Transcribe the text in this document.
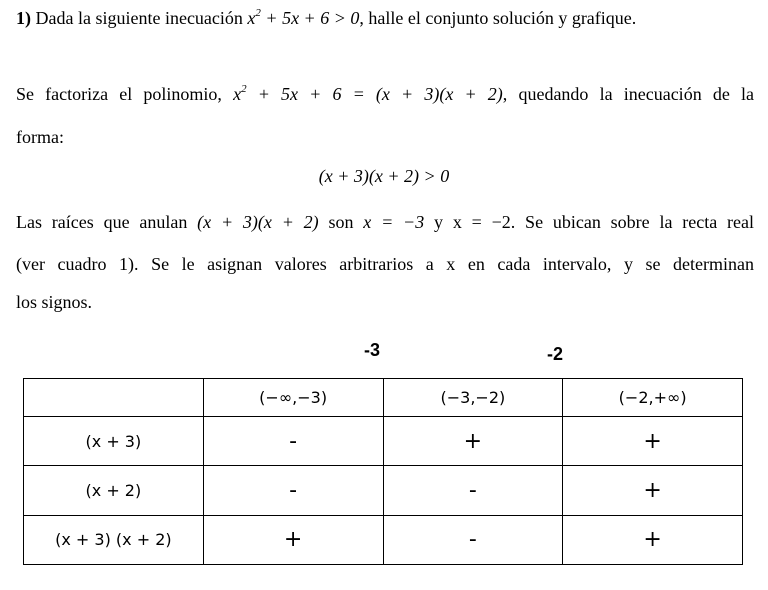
1) Dada la siguiente inecuación $x^2 + 5x + 6 > 0$, halle el conjunto solución y grafique.
Se factoriza el polinomio, $x^2 + 5x + 6 = (x + 3)(x + 2)$, quedando la inecuación de la
forma:
(x + 3)(x + 2) > 0
Las raíces que anulan (x + 3)(x + 2) son x = −3 y x = −2. Se ubican sobre la recta real
(ver cuadro 1). Se le asignan valores arbitrarios a x en cada intervalo, y se determinan
los signos.
-3	-2
	(−∞,−3)	(−3,−2)	(−2,+∞)
(x + 3)	-	+	+
(x + 2)	-	-	+
(x + 3) (x + 2)	+	-	+
